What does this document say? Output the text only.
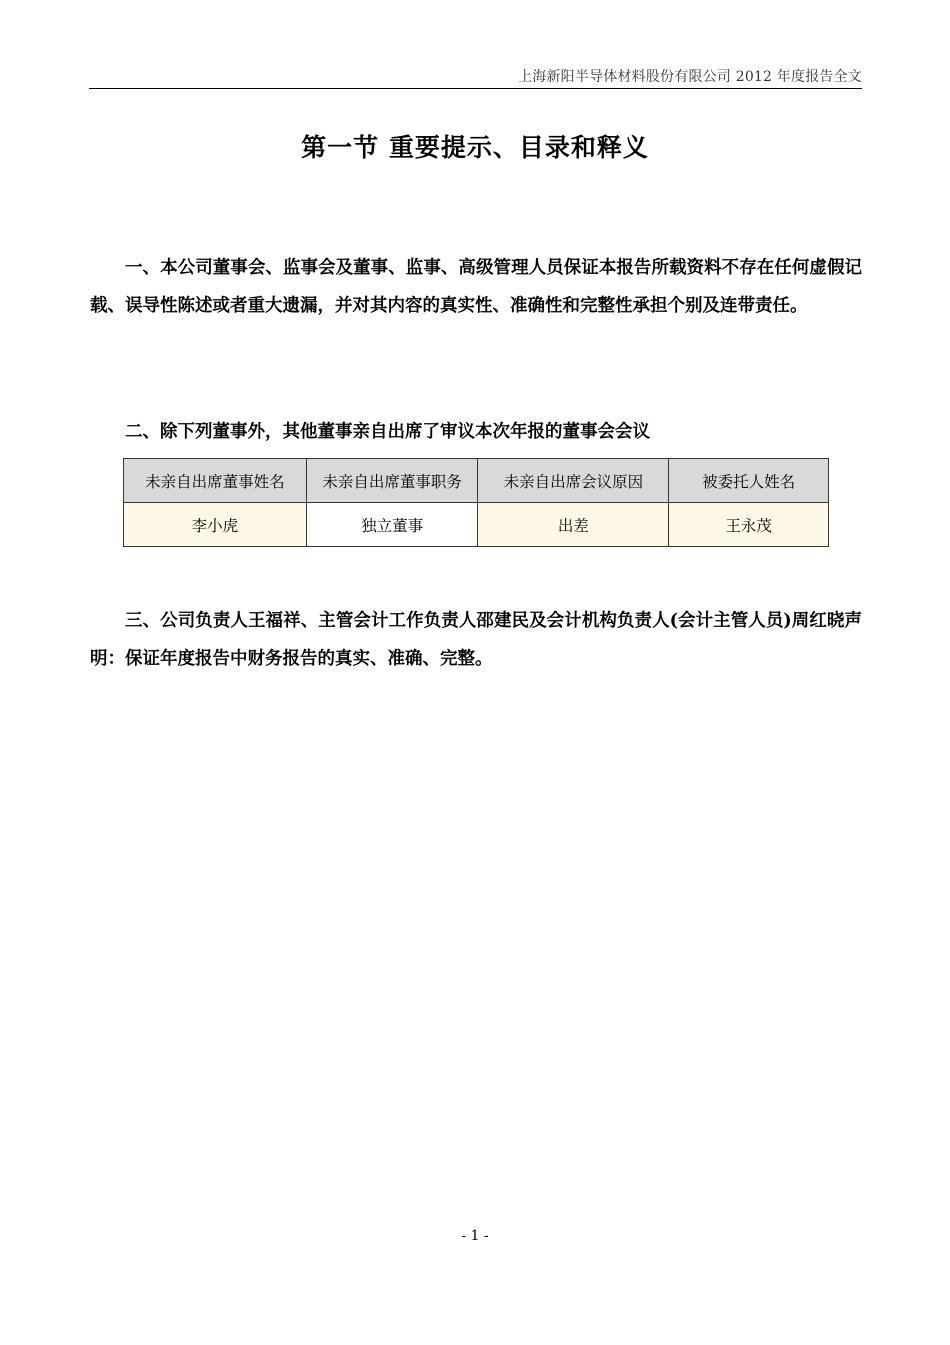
上海新阳半导体材料股份有限公司 2012 年度报告全文
第一节 重要提示、目录和释义

一、本公司董事会、监事会及董事、监事、高级管理人员保证本报告所载资料不存在任何虚假记载、误导性陈述或者重大遗漏，并对其内容的真实性、准确性和完整性承担个别及连带责任。

二、除下列董事外，其他董事亲自出席了审议本次年报的董事会会议

未亲自出席董事姓名	未亲自出席董事职务	未亲自出席会议原因	被委托人姓名
李小虎	独立董事	出差	王永茂

三、公司负责人王福祥、主管会计工作负责人邵建民及会计机构负责人(会计主管人员)周红晓声明：保证年度报告中财务报告的真实、准确、完整。

- 1 -
